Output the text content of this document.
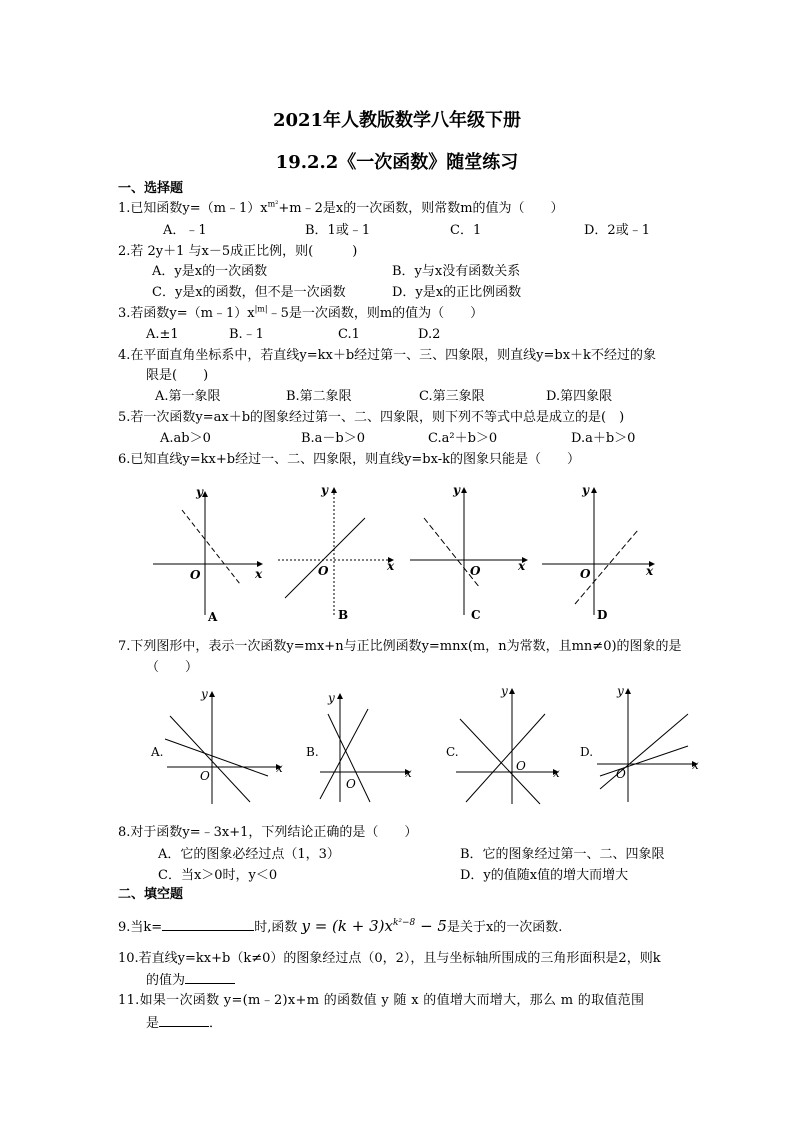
2021年人教版数学八年级下册
19.2.2《一次函数》随堂练习
一、选择题
1.已知函数$y=(m﹣1)x^{m^2}+m﹣2$是x的一次函数，则常数m的值为（　　）
A．﹣1	B．1或﹣1	C．1	D．2或﹣1
2.若 2y＋1 与x－5成正比例，则(　　　)
A．y是x的一次函数	B．y与x没有函数关系
C．y是x的函数，但不是一次函数	D．y是x的正比例函数
3.若函数$y=(m﹣1)x^{|m|}﹣5$是一次函数，则m的值为（　　）
A.±1	B.﹣1	C.1	D.2
4.在平面直角坐标系中，若直线y=kx＋b经过第一、三、四象限，则直线y=bx＋k不经过的象
限是(　　)
A.第一象限	B.第二象限	C.第三象限	D.第四象限
5.若一次函数y=ax＋b的图象经过第一、二、四象限，则下列不等式中总是成立的是(　)
A.ab＞0	B.a－b＞0	C.a²＋b＞0	D.a＋b＞0
6.已知直线y=kx+b经过一、二、四象限，则直线y=bx-k的图象只能是（　　）
y
x
O
A
y
x
O
B
y
x
O
C
y
x
O
D
7.下列图形中，表示一次函数y=mx+n与正比例函数y=mnx(m，n为常数，且mn≠0)的图象的是
（　　）
A.
y
x
O
B.
y
x
O
C.
y
x
O
D.
y
x
O
8.对于函数y=﹣3x+1，下列结论正确的是（　　）
A．它的图象必经过点（1，3）	B．它的图象经过第一、二、四象限
C．当x＞0时，y＜0	D．y的值随x值的增大而增大
二、填空题
9.当k=	时,函数 $y = (k + 3)x^{k^2-8} - 5$是关于x的一次函数.
10.若直线y=kx+b（k≠0）的图象经过点（0，2），且与坐标轴所围成的三角形面积是2，则k
的值为
11.如果一次函数 y=(m﹣2)x+m 的函数值 y 随 x 的值增大而增大，那么 m 的取值范围
是	．
